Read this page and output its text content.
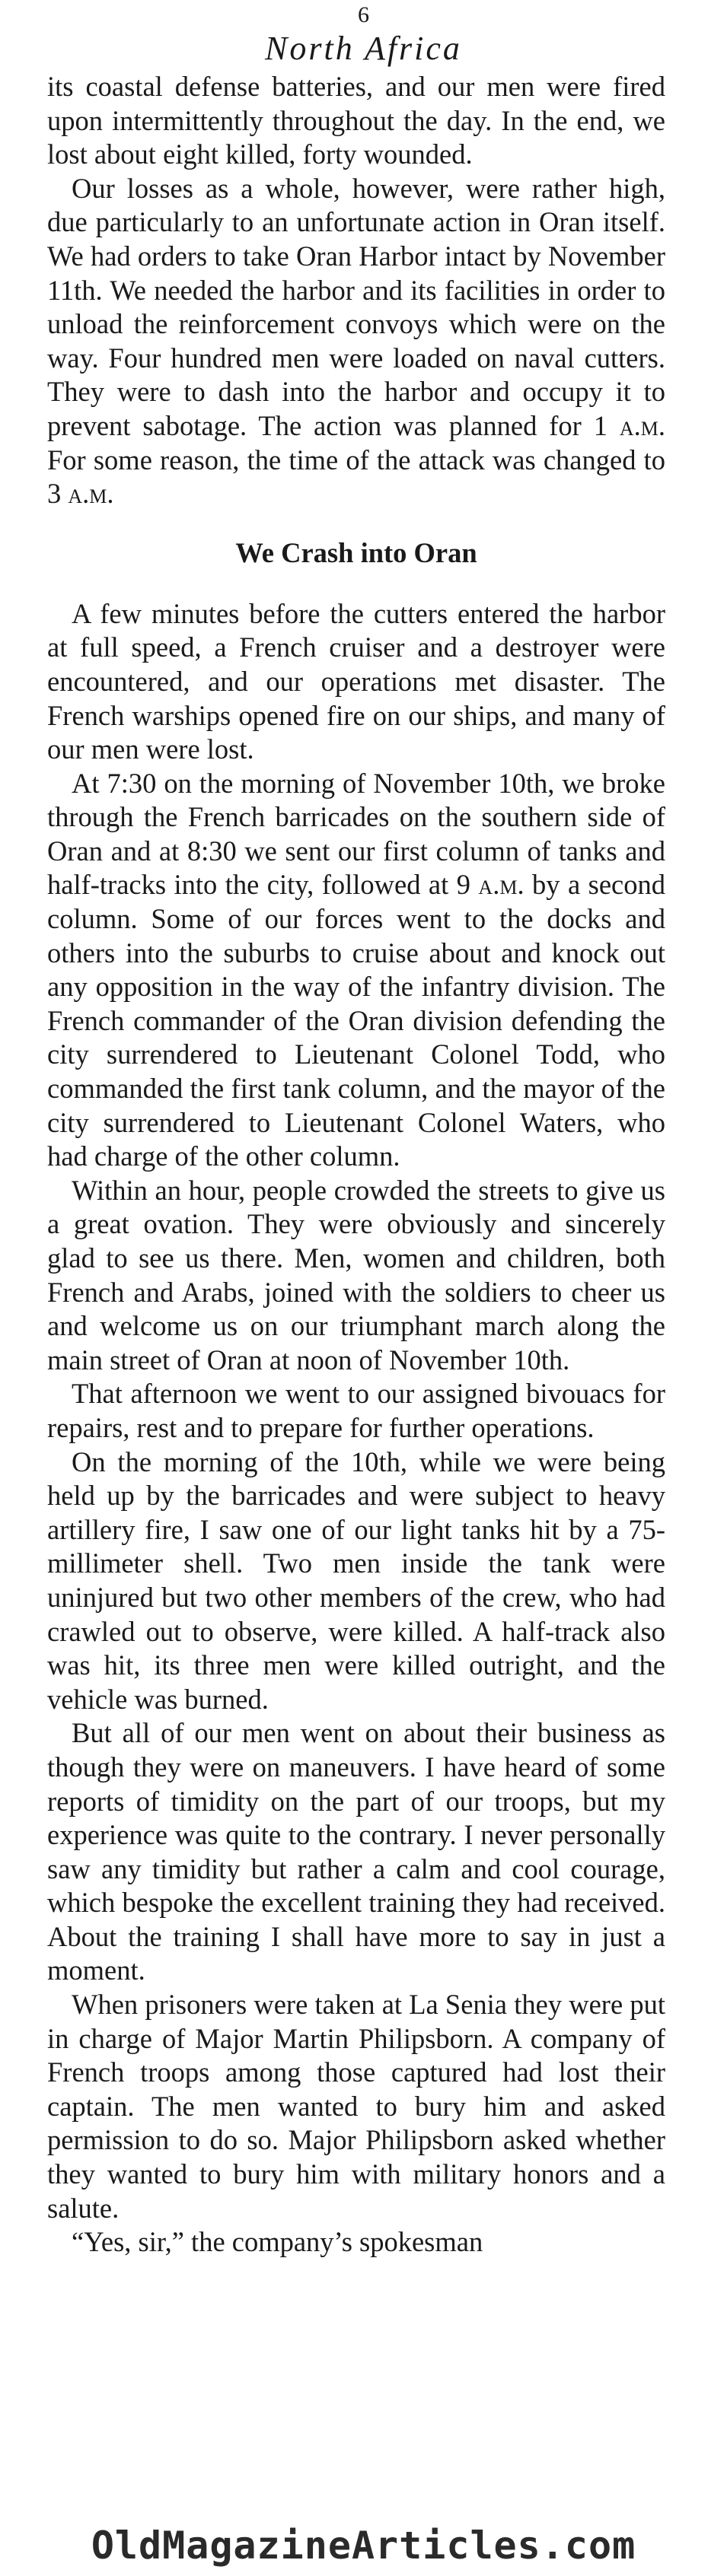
6
North Africa

its coastal defense batteries, and our men were fired upon intermittently throughout the day. In the end, we lost about eight killed, forty wounded.

Our losses as a whole, however, were rather high, due particularly to an unfortunate action in Oran itself. We had orders to take Oran Harbor intact by November 11th. We needed the harbor and its facilities in order to unload the reinforcement convoys which were on the way. Four hundred men were loaded on naval cutters. They were to dash into the harbor and occupy it to prevent sabotage. The action was planned for 1 a.m. For some reason, the time of the attack was changed to 3 a.m.

We Crash into Oran

A few minutes before the cutters entered the harbor at full speed, a French cruiser and a destroyer were encountered, and our operations met disaster. The French warships opened fire on our ships, and many of our men were lost.

At 7:30 on the morning of November 10th, we broke through the French barricades on the southern side of Oran and at 8:30 we sent our first column of tanks and half-tracks into the city, followed at 9 a.m. by a second column. Some of our forces went to the docks and others into the suburbs to cruise about and knock out any opposition in the way of the infantry division. The French commander of the Oran division defending the city surrendered to Lieutenant Colonel Todd, who commanded the first tank column, and the mayor of the city surrendered to Lieutenant Colonel Waters, who had charge of the other column.

Within an hour, people crowded the streets to give us a great ovation. They were obviously and sincerely glad to see us there. Men, women and children, both French and Arabs, joined with the soldiers to cheer us and welcome us on our triumphant march along the main street of Oran at noon of November 10th.

That afternoon we went to our assigned bivouacs for repairs, rest and to prepare for further operations.

On the morning of the 10th, while we were being held up by the barricades and were subject to heavy artillery fire, I saw one of our light tanks hit by a 75-millimeter shell. Two men inside the tank were uninjured but two other members of the crew, who had crawled out to observe, were killed. A half-track also was hit, its three men were killed outright, and the vehicle was burned.

But all of our men went on about their business as though they were on maneuvers. I have heard of some reports of timidity on the part of our troops, but my experience was quite to the contrary. I never personally saw any timidity but rather a calm and cool courage, which bespoke the excellent training they had received. About the training I shall have more to say in just a moment.

When prisoners were taken at La Senia they were put in charge of Major Martin Philipsborn. A company of French troops among those captured had lost their captain. The men wanted to bury him and asked permission to do so. Major Philipsborn asked whether they wanted to bury him with military honors and a salute.

“Yes, sir,” the company’s spokesman

OldMagazineArticles.com
